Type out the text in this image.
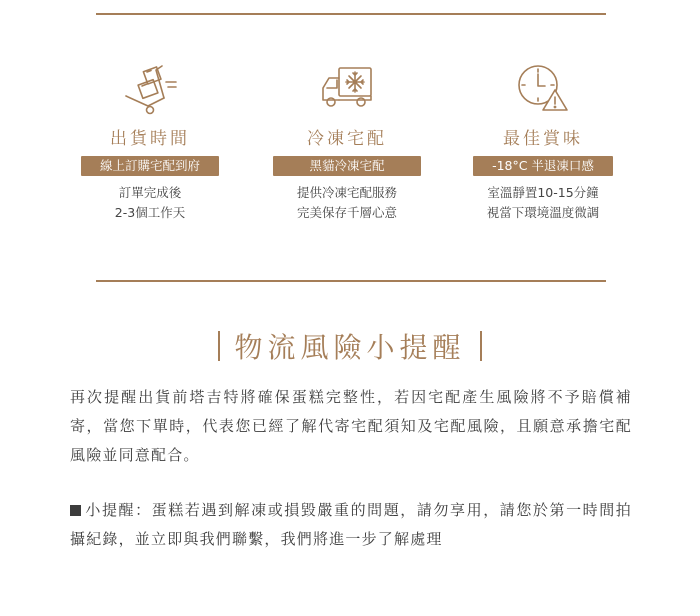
出貨時間
線上訂購宅配到府
訂單完成後
2-3個工作天
冷凍宅配
黑貓冷凍宅配
提供冷凍宅配服務
完美保存千層心意
最佳賞味
-18°C 半退凍口感
室溫靜置10-15分鐘
視當下環境溫度微調
物流風險小提醒
再次提醒出貨前塔吉特將確保蛋糕完整性，若因宅配產生風險將不予賠償補寄，當您下單時，代表您已經了解代寄宅配須知及宅配風險，且願意承擔宅配風險並同意配合。
小提醒：蛋糕若遇到解凍或損毀嚴重的問題，請勿享用，請您於第一時間拍攝紀錄，並立即與我們聯繫，我們將進一步了解處理
